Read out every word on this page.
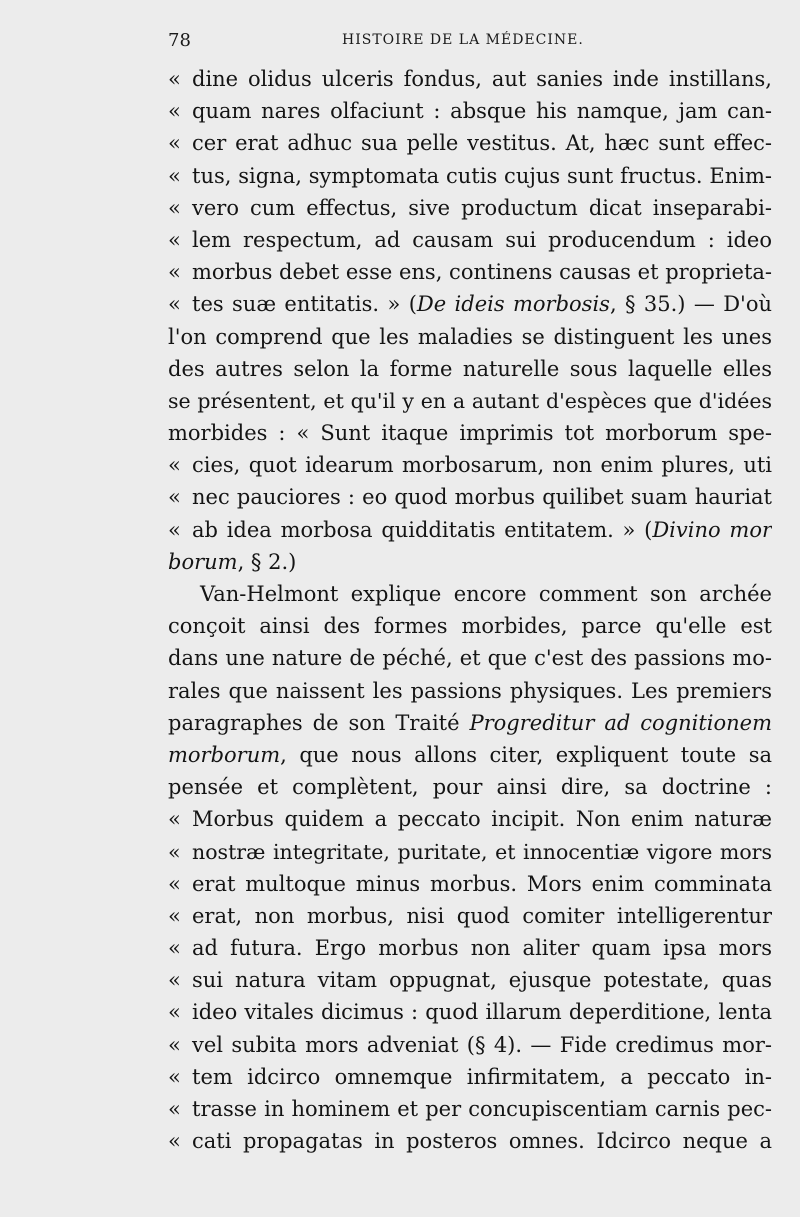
78	HISTOIRE DE LA MÉDECINE.
« dine olidus ulceris fondus, aut sanies inde instillans,
« quam nares olfaciunt : absque his namque, jam can-
« cer erat adhuc sua pelle vestitus. At, hæc sunt effec-
« tus, signa, symptomata cutis cujus sunt fructus. Enim-
« vero cum effectus, sive productum dicat inseparabi-
« lem respectum, ad causam sui producendum : ideo
« morbus debet esse ens, continens causas et proprieta-
« tes suæ entitatis. » (De ideis morbosis, § 35.) — D'où
l'on comprend que les maladies se distinguent les unes
des autres selon la forme naturelle sous laquelle elles
se présentent, et qu'il y en a autant d'espèces que d'idées
morbides : « Sunt itaque imprimis tot morborum spe-
« cies, quot idearum morbosarum, non enim plures, uti
« nec pauciores : eo quod morbus quilibet suam hauriat
« ab idea morbosa quidditatis entitatem. » (Divino mor
borum, § 2.)
Van-Helmont explique encore comment son archée
conçoit ainsi des formes morbides, parce qu'elle est
dans une nature de péché, et que c'est des passions mo-
rales que naissent les passions physiques. Les premiers
paragraphes de son Traité Progreditur ad cognitionem
morborum, que nous allons citer, expliquent toute sa
pensée et complètent, pour ainsi dire, sa doctrine :
« Morbus quidem a peccato incipit. Non enim naturæ
« nostræ integritate, puritate, et innocentiæ vigore mors
« erat multoque minus morbus. Mors enim comminata
« erat, non morbus, nisi quod comiter intelligerentur
« ad futura. Ergo morbus non aliter quam ipsa mors
« sui natura vitam oppugnat, ejusque potestate, quas
« ideo vitales dicimus : quod illarum deperditione, lenta
« vel subita mors adveniat (§ 4). — Fide credimus mor-
« tem idcirco omnemque infirmitatem, a peccato in-
« trasse in hominem et per concupiscentiam carnis pec-
« cati propagatas in posteros omnes. Idcirco neque a
